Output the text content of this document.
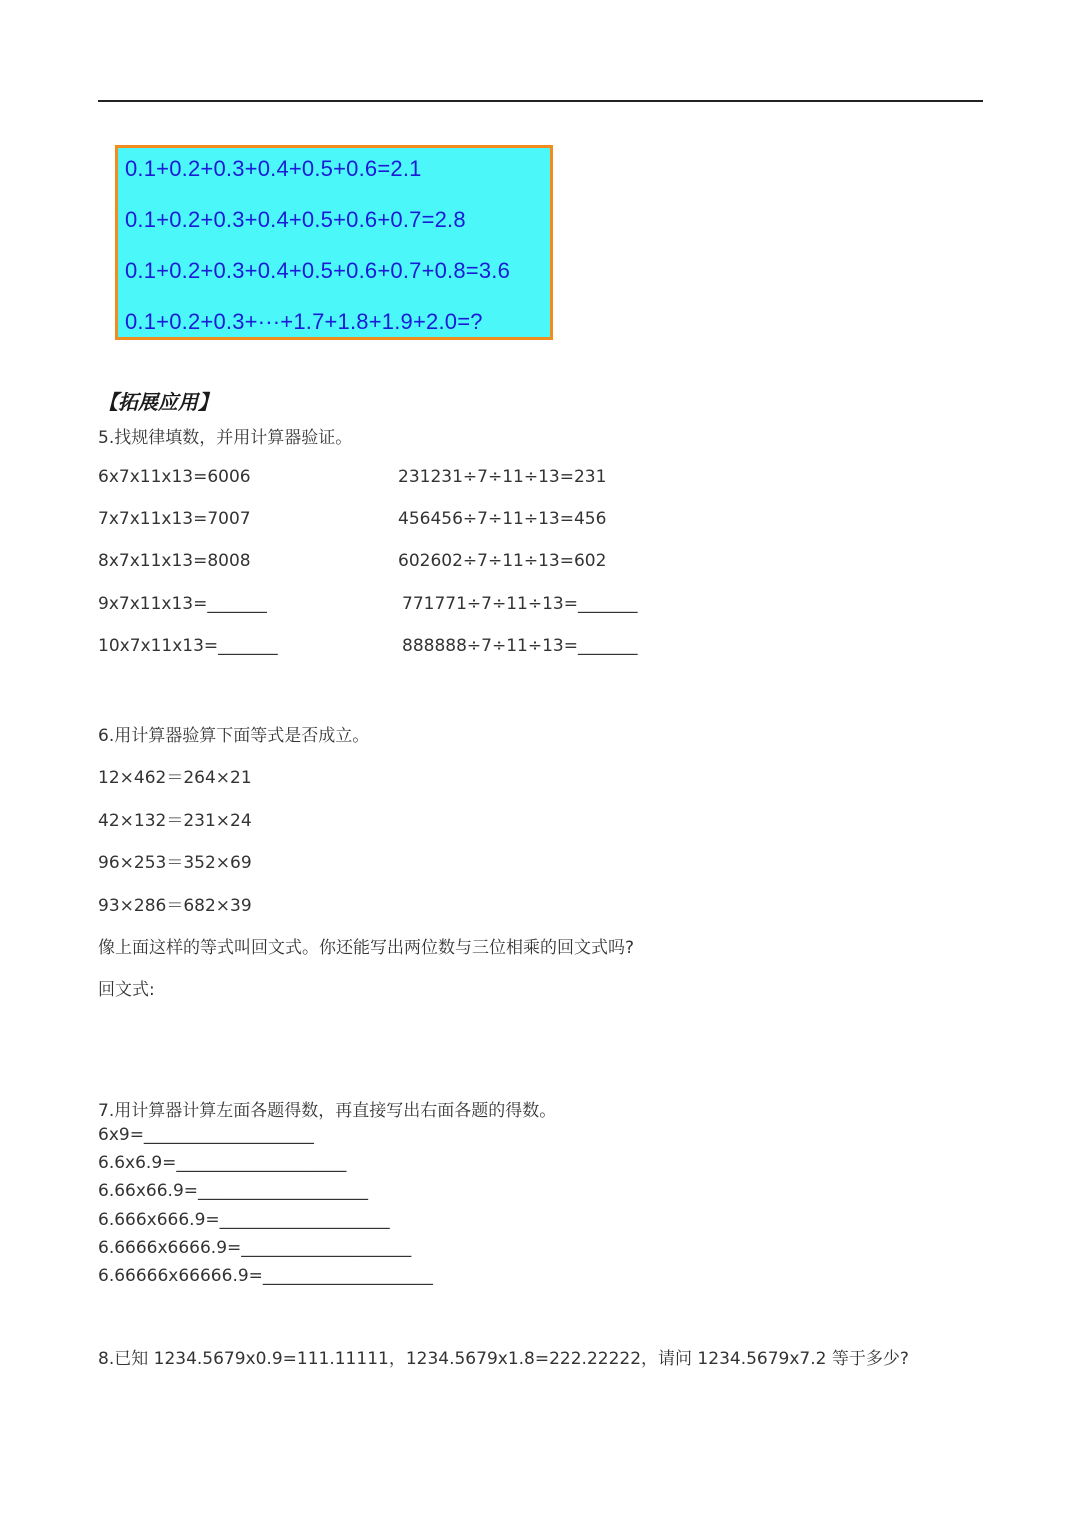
0.1+0.2+0.3+0.4+0.5+0.6=2.1
0.1+0.2+0.3+0.4+0.5+0.6+0.7=2.8
0.1+0.2+0.3+0.4+0.5+0.6+0.7+0.8=3.6
0.1+0.2+0.3+···+1.7+1.8+1.9+2.0=?
【拓展应用】
5.找规律填数，并用计算器验证。
6x7x11x13=6006
7x7x11x13=7007
8x7x11x13=8008
9x7x11x13=_______
10x7x11x13=_______
231231÷7÷11÷13=231
456456÷7÷11÷13=456
602602÷7÷11÷13=602
771771÷7÷11÷13=_______
888888÷7÷11÷13=_______
6.用计算器验算下面等式是否成立。
12×462＝264×21
42×132＝231×24
96×253＝352×69
93×286＝682×39
像上面这样的等式叫回文式。你还能写出两位数与三位相乘的回文式吗?
回文式:
7.用计算器计算左面各题得数，再直接写出右面各题的得数。
6x9=____________________
6.6x6.9=____________________
6.66x66.9=____________________
6.666x666.9=____________________
6.6666x6666.9=____________________
6.66666x66666.9=____________________
8.已知 1234.5679x0.9=111.11111，1234.5679x1.8=222.22222，请问 1234.5679x7.2 等于多少?
